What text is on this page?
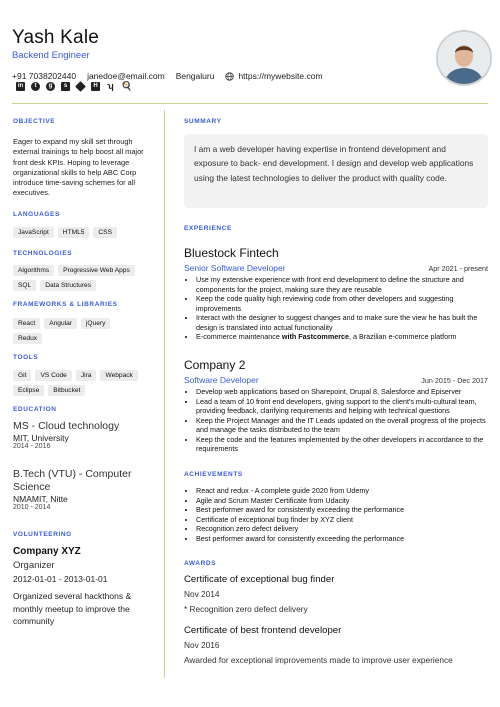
Yash Kale
Backend Engineer
+91 7038202440 janedoe@email.com Bengaluru	https://mywebsite.com
in	t	g	s	H ʮ 🍳
OBJECTIVE
Eager to expand my skill set through external trainings to help boost all major front desk KPIs. Hoping to leverage organizational skills to help ABC Corp introduce time-saving schemes for all executives.
LANGUAGES
JavaScript	HTML5	CSS
TECHNOLOGIES
Algorithms	Progressive Web Apps
SQL	Data Structures
FRAMEWORKS & LIBRARIES
React	Angular	jQuery
Redux
TOOLS
Git	VS Code	Jira	Webpack
Eclipse	Bitbucket
EDUCATION
MS - Cloud technology
MIT, University
2014 - 2016
B.Tech (VTU) - Computer Science
NMAMIT, Nitte
2010 - 2014
VOLUNTEERING
Company XYZ
Organizer
2012-01-01 - 2013-01-01
Organized several hackthons & monthly meetup to improve the community
SUMMARY
I am a web developer having expertise in frontend development and exposure to back- end development. I design and develop web applications using the latest technologies to deliver the product with quality code.
EXPERIENCE
Bluestock Fintech
Senior Software Developer	Apr 2021 - present
• Use my extensive experience with front end development to define the structure and components for the project, making sure they are reusable
• Keep the code quality high reviewing code from other developers and suggesting improvements
• Interact with the designer to suggest changes and to make sure the view he has built the design is translated into actual functionality
• E-commerce maintenance with Fastcommerce, a Brazilian e-commerce platform
Company 2
Software Developer	Jun 2015 - Dec 2017
• Develop web applications based on Sharepoint, Drupal 8, Salesforce and Episerver
• Lead a team of 10 front end developers, giving support to the client's multi-cultural team, providing feedback, clarifying requirements and helping with technical questions
• Keep the Project Manager and the IT Leads updated on the overall progress of the projects and manage the tasks distributed to the team
• Keep the code and the features implemented by the other developers in accordance to the requirements
ACHIEVEMENTS
• React and redux - A complete guide 2020 from Udemy
• Agile and Scrum Master Certificate from Udacity
• Best performer award for consistently exceeding the performance
• Certificate of exceptional bug finder by XYZ client
• Recognition zero defect delivery
• Best performer award for consistently exceeding the performance
AWARDS
Certificate of exceptional bug finder
Nov 2014
* Recognition zero defect delivery
Certificate of best frontend developer
Nov 2016
Awarded for exceptional improvements made to improve user experience
